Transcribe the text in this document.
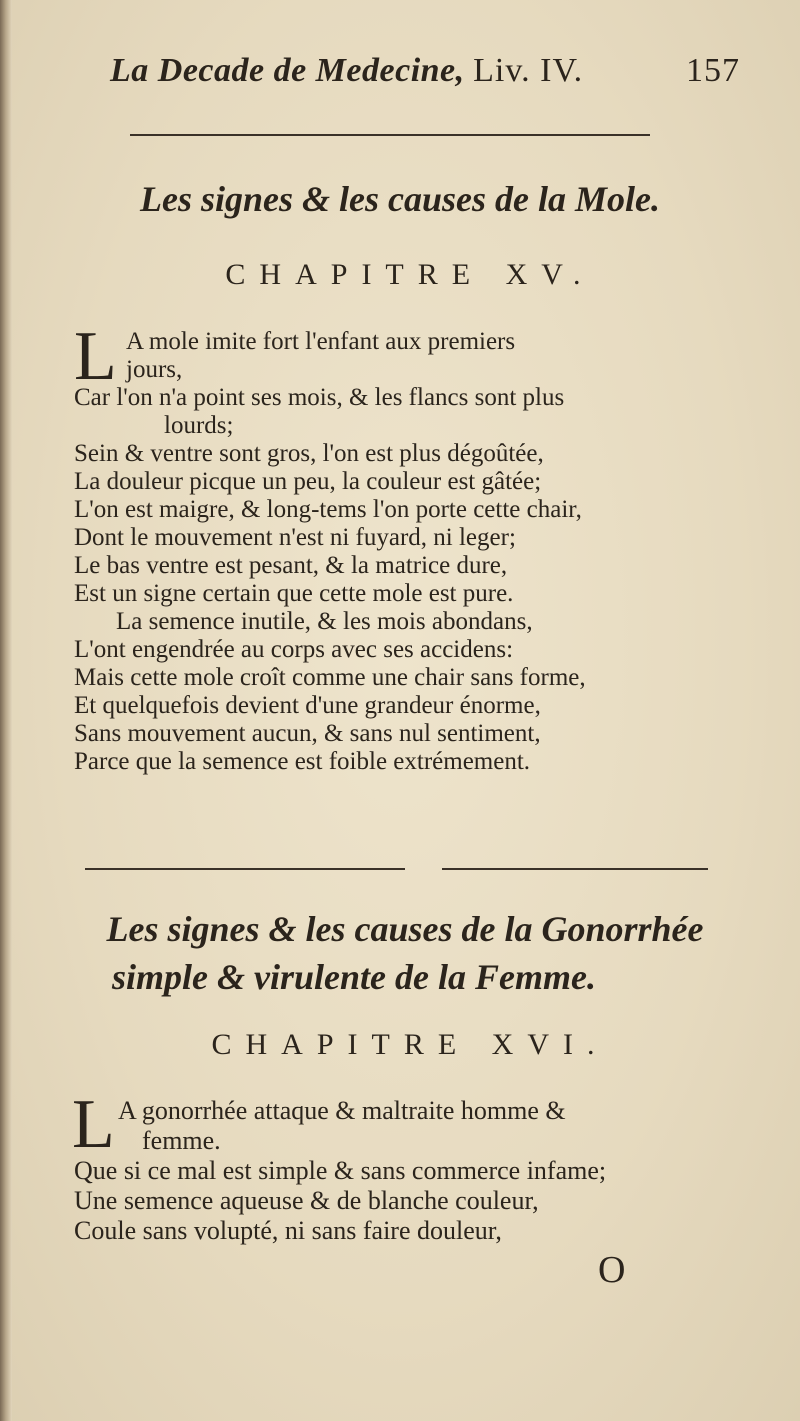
La Decade de Medecine, Liv. IV.	157
Les signes & les causes de la Mole.
CHAPITRE XV.
L A mole imite fort l'enfant aux premiers
jours,
Car l'on n'a point ses mois, & les flancs sont plus
lourds;
Sein & ventre sont gros, l'on est plus dégoûtée,
La douleur picque un peu, la couleur est gâtée;
L'on est maigre, & long-tems l'on porte cette chair,
Dont le mouvement n'est ni fuyard, ni leger;
Le bas ventre est pesant, & la matrice dure,
Est un signe certain que cette mole est pure.
La semence inutile, & les mois abondans,
L'ont engendrée au corps avec ses accidens:
Mais cette mole croît comme une chair sans forme,
Et quelquefois devient d'une grandeur énorme,
Sans mouvement aucun, & sans nul sentiment,
Parce que la semence est foible extrémement.
Les signes & les causes de la Gonorrhée
simple & virulente de la Femme.
CHAPITRE XVI.
L A gonorrhée attaque & maltraite homme &
femme.
Que si ce mal est simple & sans commerce infame;
Une semence aqueuse & de blanche couleur,
Coule sans volupté, ni sans faire douleur,
O
